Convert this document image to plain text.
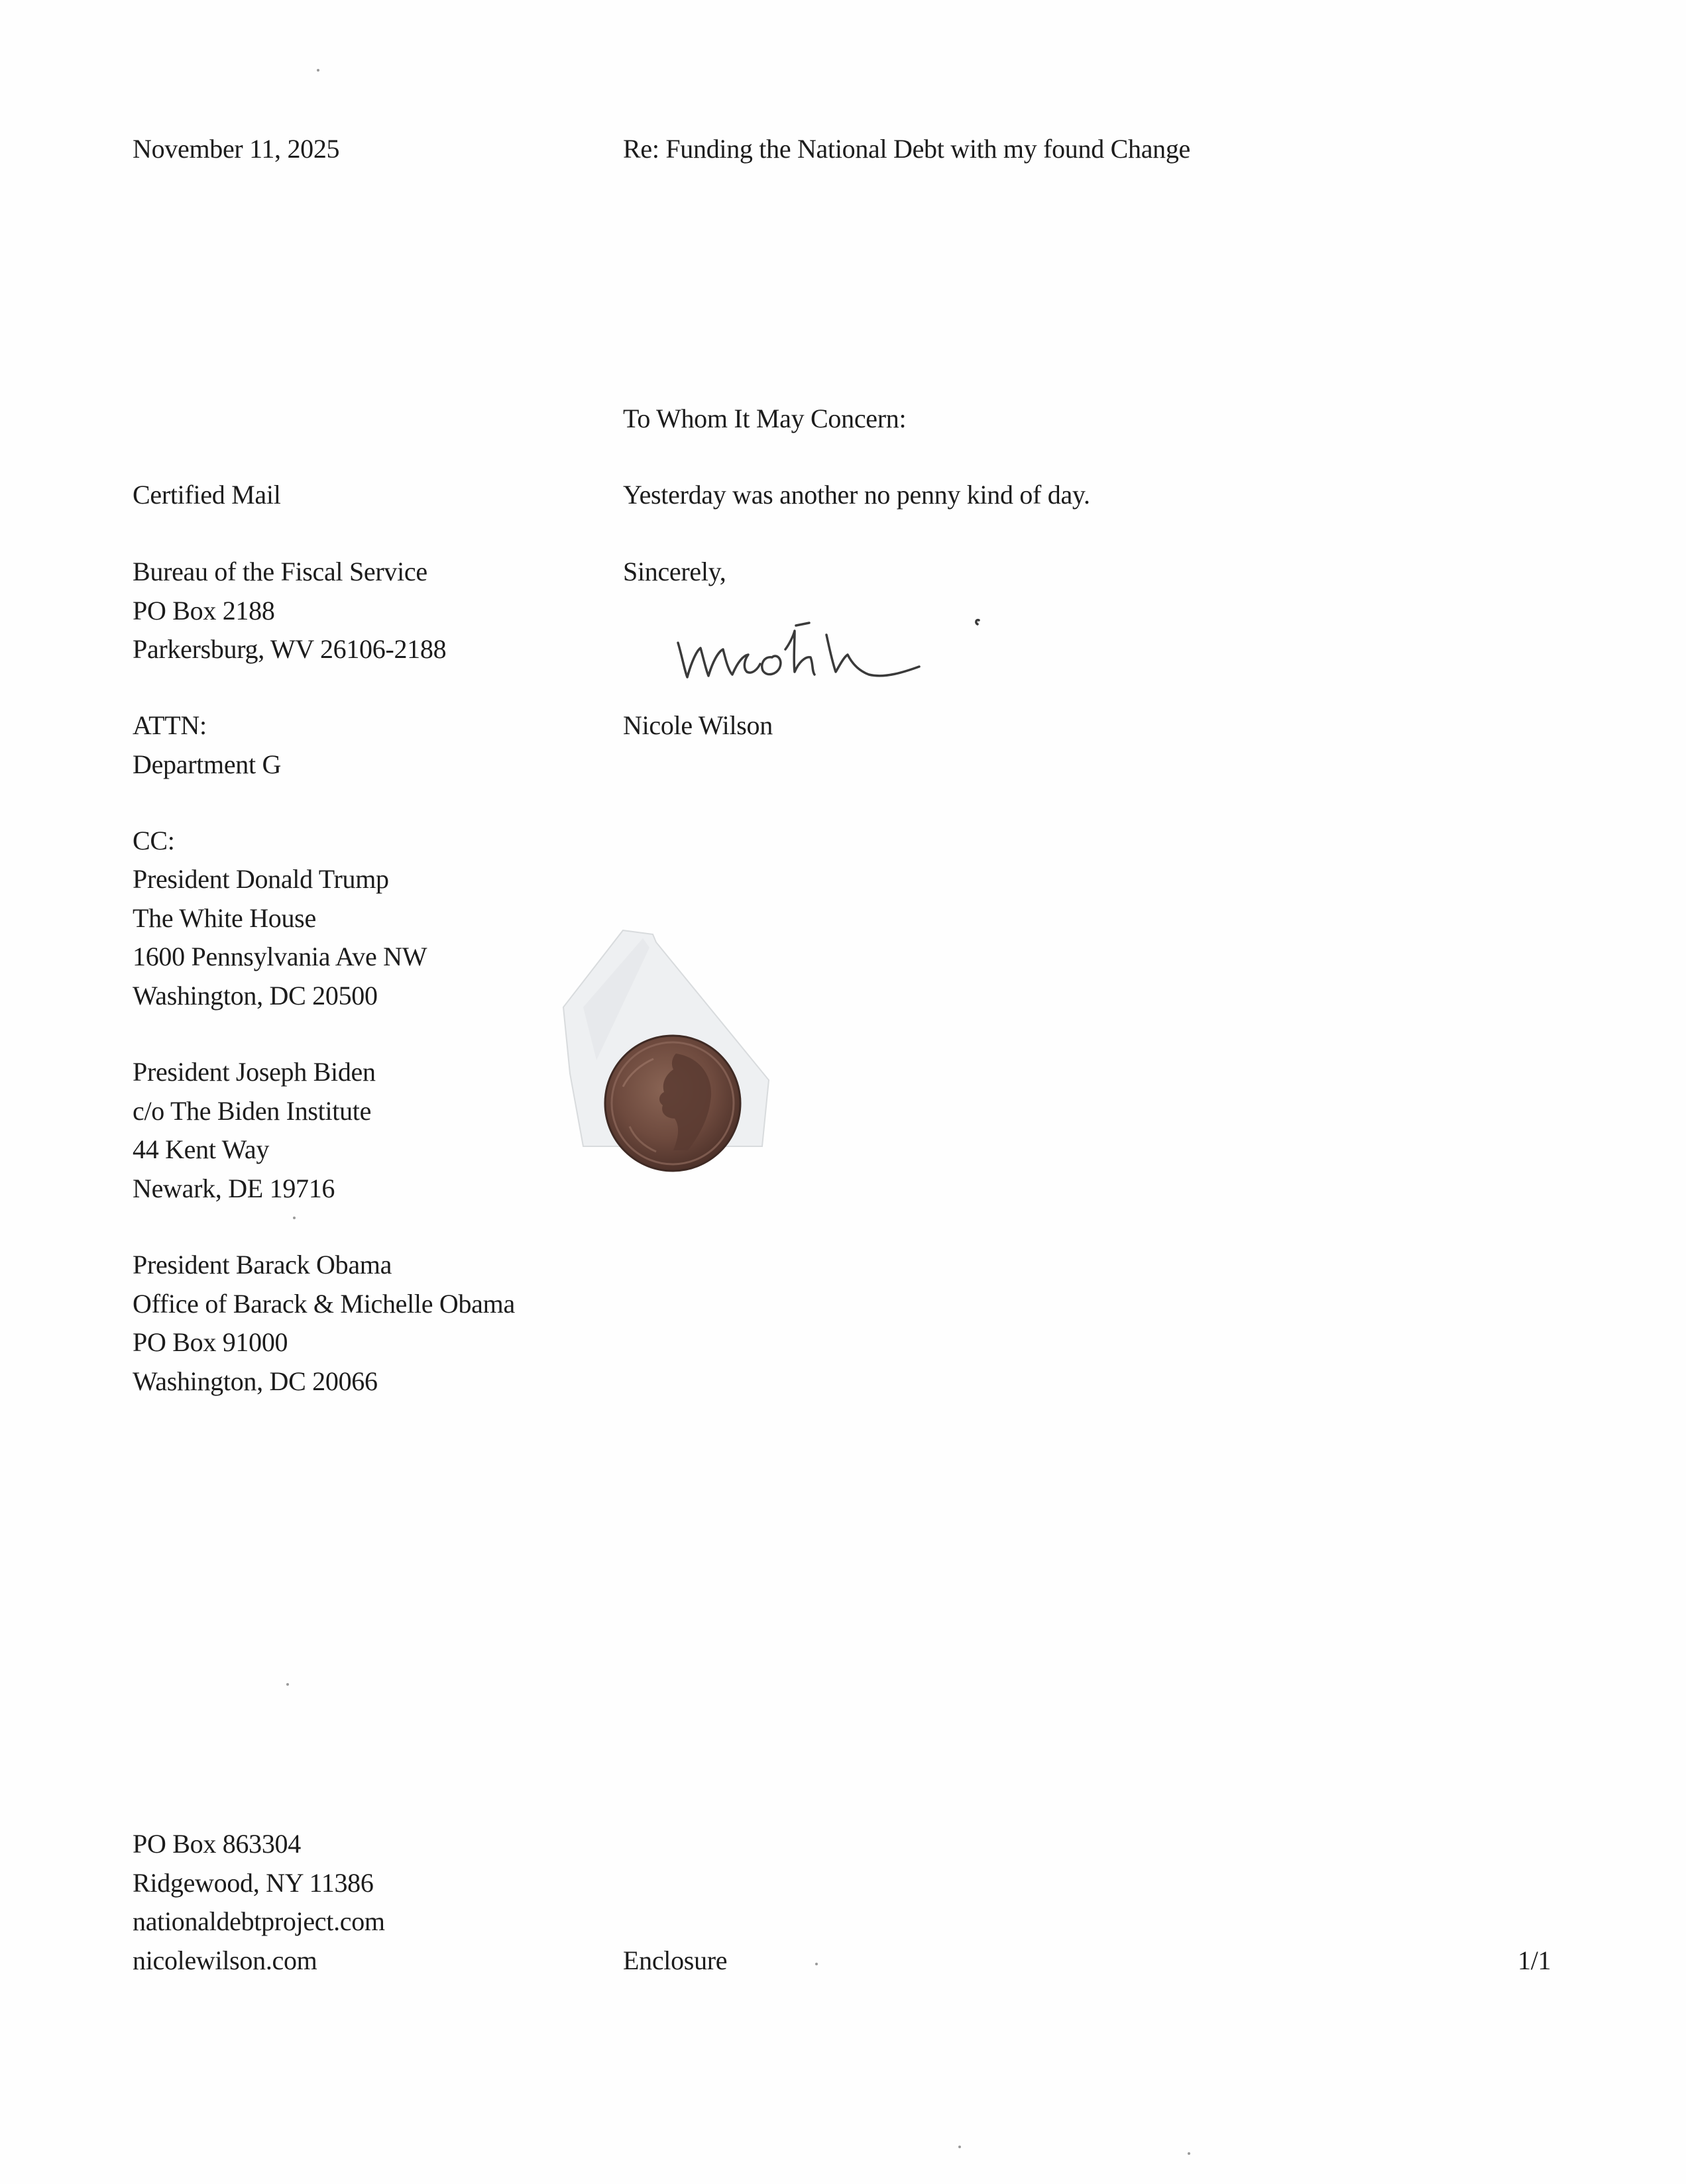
November 11, 2025	Re: Funding the National Debt with my found Change
To Whom It May Concern:
Yesterday was another no penny kind of day.
Sincerely,
Nicole Wilson
Certified Mail
Bureau of the Fiscal Service
PO Box 2188
Parkersburg, WV 26106-2188
ATTN:
Department G
CC:
President Donald Trump
The White House
1600 Pennsylvania Ave NW
Washington, DC 20500
President Joseph Biden
c/o The Biden Institute
44 Kent Way
Newark, DE 19716
President Barack Obama
Office of Barack & Michelle Obama
PO Box 91000
Washington, DC 20066
PO Box 863304
Ridgewood, NY 11386
nationaldebtproject.com
nicolewilson.com	Enclosure	1/1
